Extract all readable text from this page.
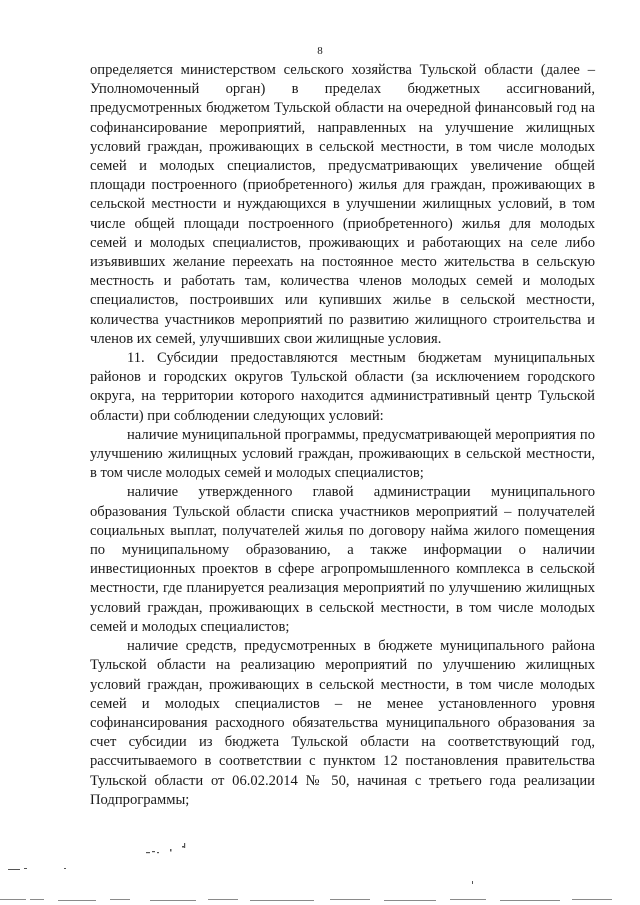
8

определяется министерством сельского хозяйства Тульской области (далее – Уполномоченный орган) в пределах бюджетных ассигнований, предусмотренных бюджетом Тульской области на очередной финансовый год на софинансирование мероприятий, направленных на улучшение жилищных условий граждан, проживающих в сельской местности, в том числе молодых семей и молодых специалистов, предусматривающих увеличение общей площади построенного (приобретенного) жилья для граждан, проживающих в сельской местности и нуждающихся в улучшении жилищных условий, в том числе общей площади построенного (приобретенного) жилья для молодых семей и молодых специалистов, проживающих и работающих на селе либо изъявивших желание переехать на постоянное место жительства в сельскую местность и работать там, количества членов молодых семей и молодых специалистов, построивших или купивших жилье в сельской местности, количества участников мероприятий по развитию жилищного строительства и членов их семей, улучшивших свои жилищные условия.

11. Субсидии предоставляются местным бюджетам муниципальных районов и городских округов Тульской области (за исключением городского округа, на территории которого находится административный центр Тульской области) при соблюдении следующих условий:

наличие муниципальной программы, предусматривающей мероприятия по улучшению жилищных условий граждан, проживающих в сельской местности, в том числе молодых семей и молодых специалистов;

наличие утвержденного главой администрации муниципального образования Тульской области списка участников мероприятий – получателей социальных выплат, получателей жилья по договору найма жилого помещения по муниципальному образованию, а также информации о наличии инвестиционных проектов в сфере агропромышленного комплекса в сельской местности, где планируется реализация мероприятий по улучшению жилищных условий граждан, проживающих в сельской местности, в том числе молодых семей и молодых специалистов;

наличие средств, предусмотренных в бюджете муниципального района Тульской области на реализацию мероприятий по улучшению жилищных условий граждан, проживающих в сельской местности, в том числе молодых семей и молодых специалистов – не менее установленного уровня софинансирования расходного обязательства муниципального образования за счет субсидии из бюджета Тульской области на соответствующий год, рассчитываемого в соответствии с пунктом 12 постановления правительства Тульской области от 06.02.2014 № 50, начиная с третьего года реализации Подпрограммы;
